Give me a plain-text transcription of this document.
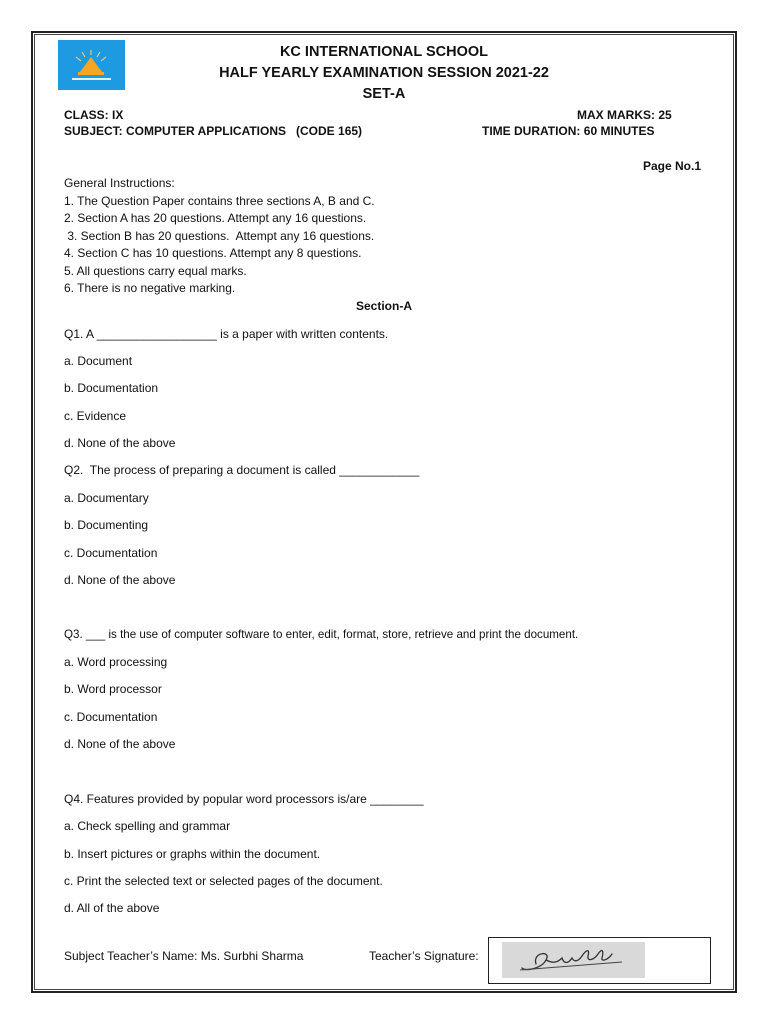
KC INTERNATIONAL SCHOOL
HALF YEARLY EXAMINATION SESSION 2021-22
SET-A
CLASS: IX	MAX MARKS: 25
SUBJECT: COMPUTER APPLICATIONS   (CODE 165)	TIME DURATION: 60 MINUTES
Page No.1
General Instructions:
1. The Question Paper contains three sections A, B and C.
2. Section A has 20 questions. Attempt any 16 questions.
3. Section B has 20 questions.  Attempt any 16 questions.
4. Section C has 10 questions. Attempt any 8 questions.
5. All questions carry equal marks.
6. There is no negative marking.
Section-A
Q1. A __________________ is a paper with written contents.
a. Document
b. Documentation
c. Evidence
d. None of the above
Q2.  The process of preparing a document is called ____________
a. Documentary
b. Documenting
c. Documentation
d. None of the above
Q3. ___ is the use of computer software to enter, edit, format, store, retrieve and print the document.
a. Word processing
b. Word processor
c. Documentation
d. None of the above
Q4. Features provided by popular word processors is/are ________
a. Check spelling and grammar
b. Insert pictures or graphs within the document.
c. Print the selected text or selected pages of the document.
d. All of the above
Subject Teacher’s Name: Ms. Surbhi Sharma	Teacher’s Signature:
